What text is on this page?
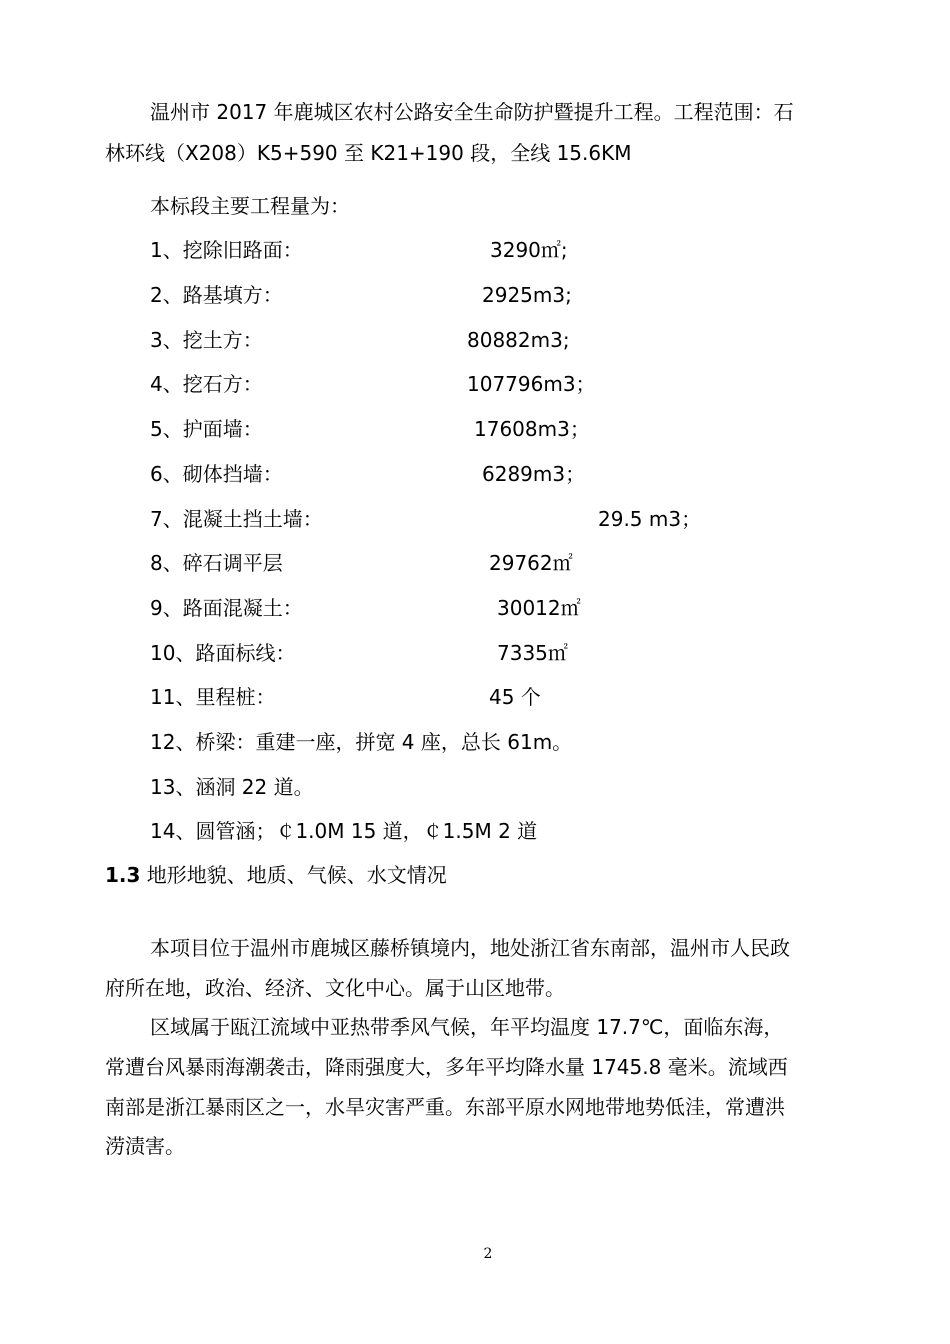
温州市 2017 年鹿城区农村公路安全生命防护暨提升工程。工程范围：石
林环线（X208）K5+590 至 K21+190 段，全线 15.6KM
本标段主要工程量为：
1、挖除旧路面：	3290㎡;
2、路基填方：	2925m3;
3、挖土方：	80882m3;
4、挖石方：	107796m3；
5、护面墙：	17608m3；
6、砌体挡墙：	6289m3；
7、混凝土挡土墙：	29.5 m3；
8、碎石调平层	29762㎡
9、路面混凝土：	30012㎡
10、路面标线：	7335㎡
11、里程桩：	45 个
12、桥梁：重建一座，拼宽 4 座，总长 61m。
13、涵洞 22 道。
14、圆管涵；￠1.0M 15 道，￠1.5M 2 道
1.3 地形地貌、地质、气候、水文情况
本项目位于温州市鹿城区藤桥镇境内，地处浙江省东南部，温州市人民政
府所在地，政治、经济、文化中心。属于山区地带。
区域属于瓯江流域中亚热带季风气候，年平均温度 17.7℃，面临东海，
常遭台风暴雨海潮袭击，降雨强度大，多年平均降水量 1745.8 毫米。流域西
南部是浙江暴雨区之一，水旱灾害严重。东部平原水网地带地势低洼，常遭洪
涝渍害。
2
